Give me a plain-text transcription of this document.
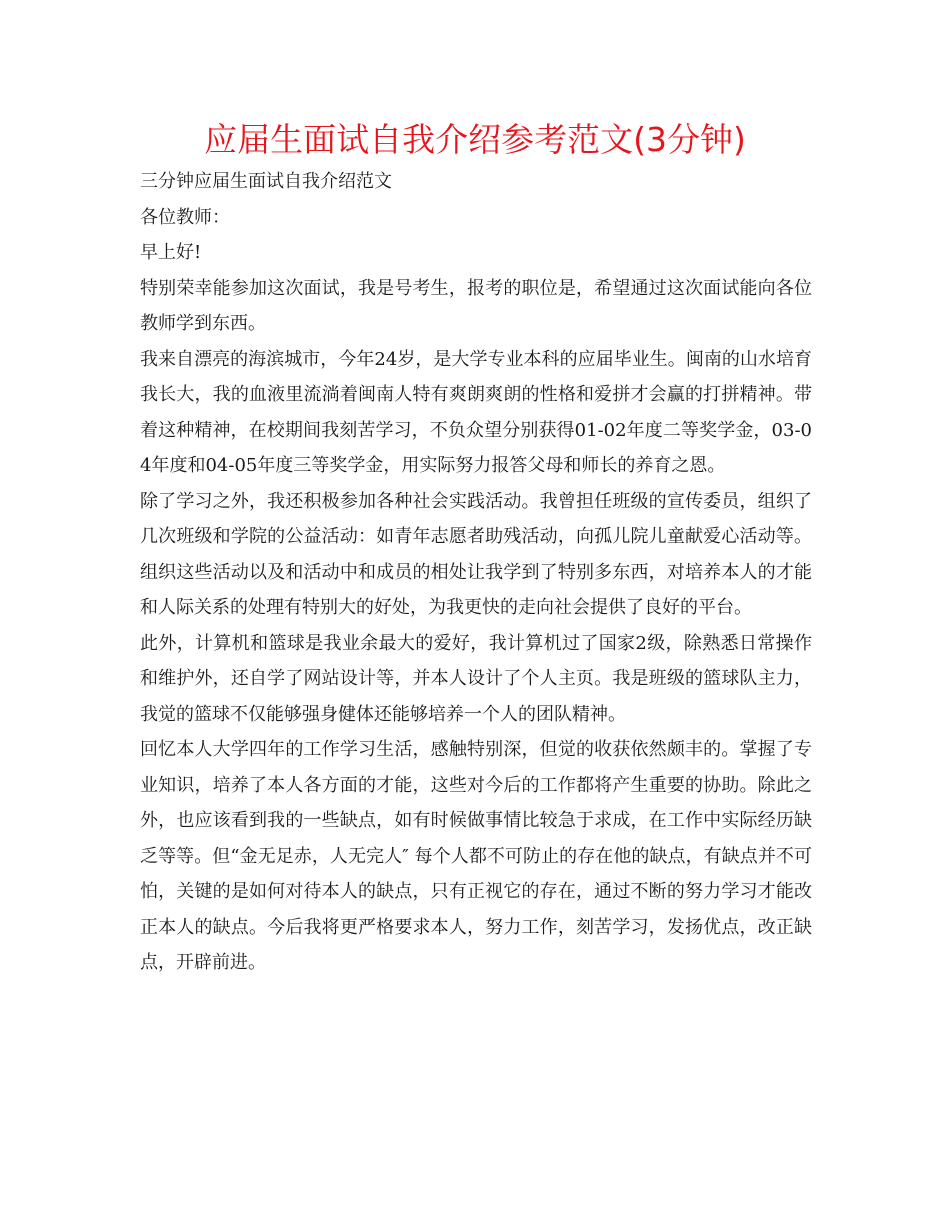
应届生面试自我介绍参考范文(3分钟)

三分钟应届生面试自我介绍范文

各位教师：

早上好!

特别荣幸能参加这次面试，我是号考生，报考的职位是，希望通过这次面试能向各位教师学到东西。

我来自漂亮的海滨城市，今年24岁，是大学专业本科的应届毕业生。闽南的山水培育我长大，我的血液里流淌着闽南人特有爽朗爽朗的性格和爱拼才会赢的打拼精神。带着这种精神，在校期间我刻苦学习，不负众望分别获得01-02年度二等奖学金，03-04年度和04-05年度三等奖学金，用实际努力报答父母和师长的养育之恩。

除了学习之外，我还积极参加各种社会实践活动。我曾担任班级的宣传委员，组织了几次班级和学院的公益活动：如青年志愿者助残活动，向孤儿院儿童献爱心活动等。组织这些活动以及和活动中和成员的相处让我学到了特别多东西，对培养本人的才能和人际关系的处理有特别大的好处，为我更快的走向社会提供了良好的平台。

此外，计算机和篮球是我业余最大的爱好，我计算机过了国家2级，除熟悉日常操作和维护外，还自学了网站设计等，并本人设计了个人主页。我是班级的篮球队主力，我觉的篮球不仅能够强身健体还能够培养一个人的团队精神。

回忆本人大学四年的工作学习生活，感触特别深，但觉的收获依然颇丰的。掌握了专业知识，培养了本人各方面的才能，这些对今后的工作都将产生重要的协助。除此之外，也应该看到我的一些缺点，如有时候做事情比较急于求成，在工作中实际经历缺乏等等。但“金无足赤，人无完人″ 每个人都不可防止的存在他的缺点，有缺点并不可怕，关键的是如何对待本人的缺点，只有正视它的存在，通过不断的努力学习才能改正本人的缺点。今后我将更严格要求本人，努力工作，刻苦学习，发扬优点，改正缺点，开辟前进。
